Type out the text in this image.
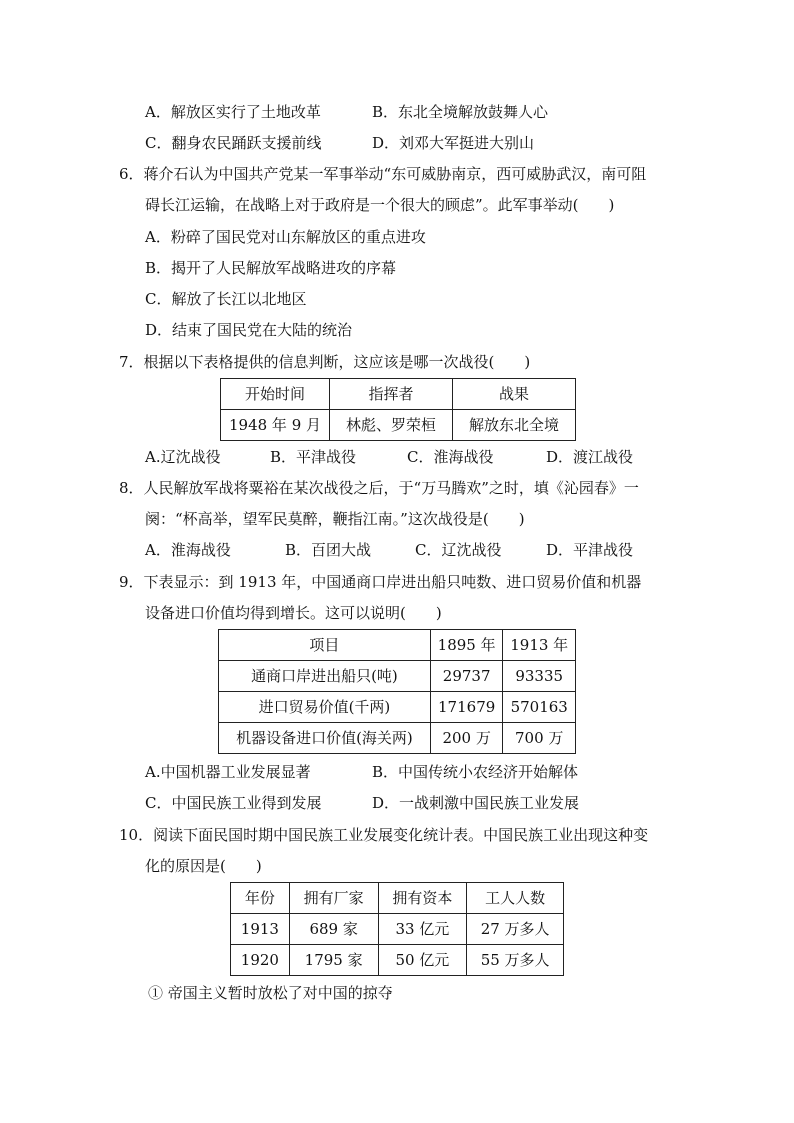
A．解放区实行了土地改革	B．东北全境解放鼓舞人心
C．翻身农民踊跃支援前线	D．刘邓大军挺进大别山
6．蒋介石认为中国共产党某一军事举动“东可威胁南京，西可威胁武汉，南可阻
碍长江运输，在战略上对于政府是一个很大的顾虑”。此军事举动(　　)
A．粉碎了国民党对山东解放区的重点进攻
B．揭开了人民解放军战略进攻的序幕
C．解放了长江以北地区
D．结束了国民党在大陆的统治
7．根据以下表格提供的信息判断，这应该是哪一次战役(　　)
开始时间	指挥者	战果
1948 年 9 月	林彪、罗荣桓	解放东北全境
A.辽沈战役	B．平津战役	C．淮海战役	D．渡江战役
8．人民解放军战将粟裕在某次战役之后，于“万马腾欢”之时，填《沁园春》一
阕：“杯高举，望军民莫醉，鞭指江南。”这次战役是(　　)
A．淮海战役	B．百团大战	C．辽沈战役	D．平津战役
9．下表显示：到 1913 年，中国通商口岸进出船只吨数、进口贸易价值和机器
设备进口价值均得到增长。这可以说明(　　)
项目	1895 年	1913 年
通商口岸进出船只(吨)	29737	93335
进口贸易价值(千两)	171679	570163
机器设备进口价值(海关两)	200 万	700 万
A.中国机器工业发展显著	B．中国传统小农经济开始解体
C．中国民族工业得到发展	D．一战刺激中国民族工业发展
10．阅读下面民国时期中国民族工业发展变化统计表。中国民族工业出现这种变
化的原因是(　　)
年份	拥有厂家	拥有资本	工人人数
1913	689 家	33 亿元	27 万多人
1920	1795 家	50 亿元	55 万多人
① 帝国主义暂时放松了对中国的掠夺
